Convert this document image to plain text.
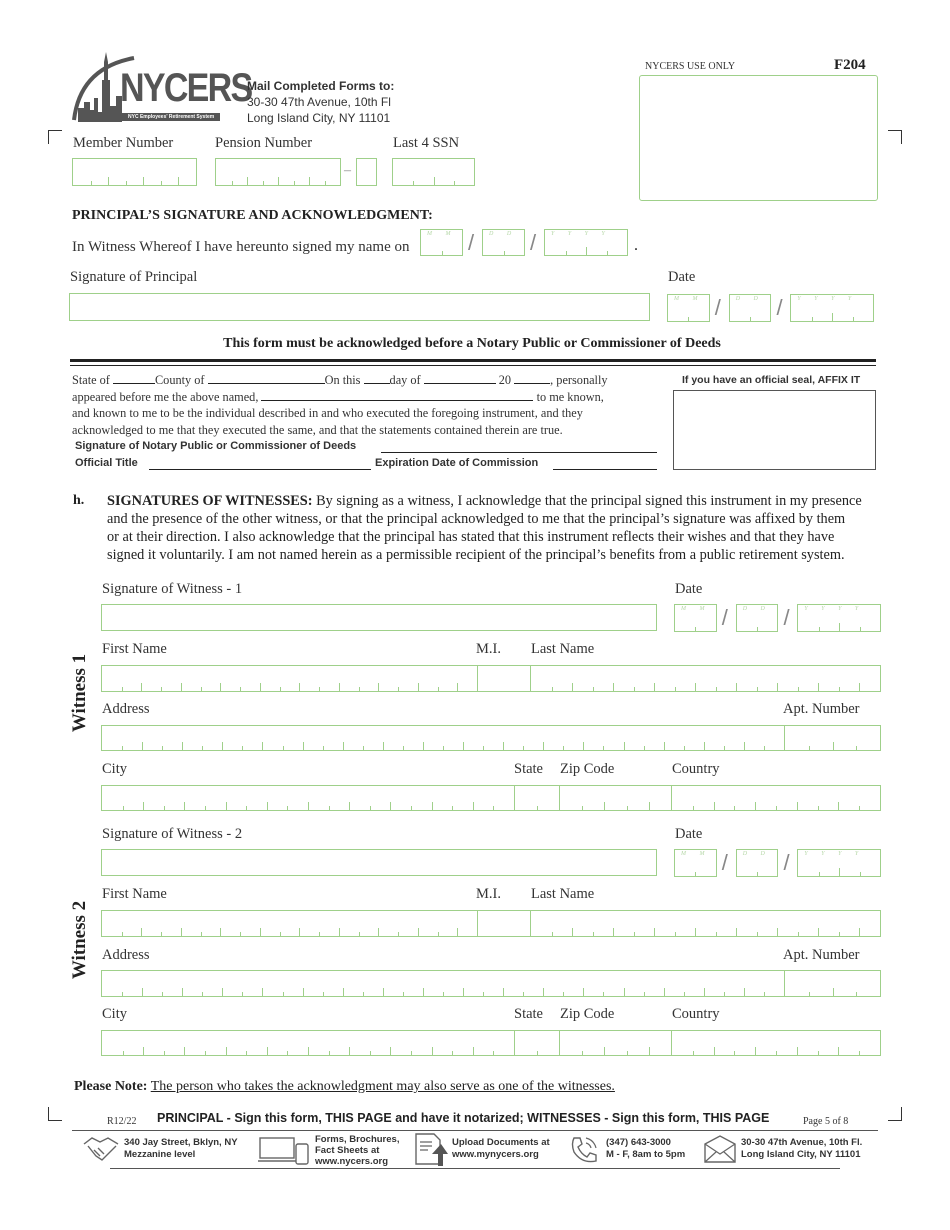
NYCERS
NYC Employees' Retirement System
Mail Completed Forms to:
30-30 47th Avenue, 10th Fl
Long Island City, NY 11101
NYCERS USE ONLY	F204
Member Number	Pension Number	Last 4 SSN
–
PRINCIPAL’S SIGNATURE AND ACKNOWLEDGMENT:
In Witness Whereof I have hereunto signed my name on	.
Signature of Principal	Date
This form must be acknowledged before a Notary Public or Commissioner of Deeds
State of	County of	On this day of	20	, personally
appeared before me the above named,	to me known,
and known to me to be the individual described in and who executed the foregoing instrument, and they
acknowledged to me that they executed the same, and that the statements contained therein are true.
Signature of Notary Public or Commissioner of Deeds
Official Title	Expiration Date of Commission
If you have an official seal, AFFIX IT
h. SIGNATURES OF WITNESSES: By signing as a witness, I acknowledge that the principal signed this instrument in my presence
and the presence of the other witness, or that the principal acknowledged to me that the principal’s signature was affixed by them
or at their direction. I also acknowledge that the principal has stated that this instrument reflects their wishes and that they have
signed it voluntarily. I am not named herein as a permissible recipient of the principal’s benefits from a public retirement system.
Witness 1
Signature of Witness - 1	Date
First Name	M.I. Last Name
Address	Apt. Number
City	State Zip Code	Country
Witness 2
Signature of Witness - 2	Date
First Name	M.I. Last Name
Address	Apt. Number
City	State Zip Code	Country
Please Note: The person who takes the acknowledgment may also serve as one of the witnesses.
R12/22 PRINCIPAL - Sign this form, THIS PAGE and have it notarized; WITNESSES - Sign this form, THIS PAGE	Page 5 of 8
340 Jay Street, Bklyn, NY
Mezzanine level
Forms, Brochures,
Fact Sheets at
www.nycers.org
Upload Documents at
www.mynycers.org
(347) 643-3000
M - F, 8am to 5pm
30-30 47th Avenue, 10th Fl.
Long Island City, NY 11101
M M / D D / Y Y Y Y
M M / D D / Y Y Y Y
M M / D D / Y Y Y Y
M M / D D / Y Y Y Y
